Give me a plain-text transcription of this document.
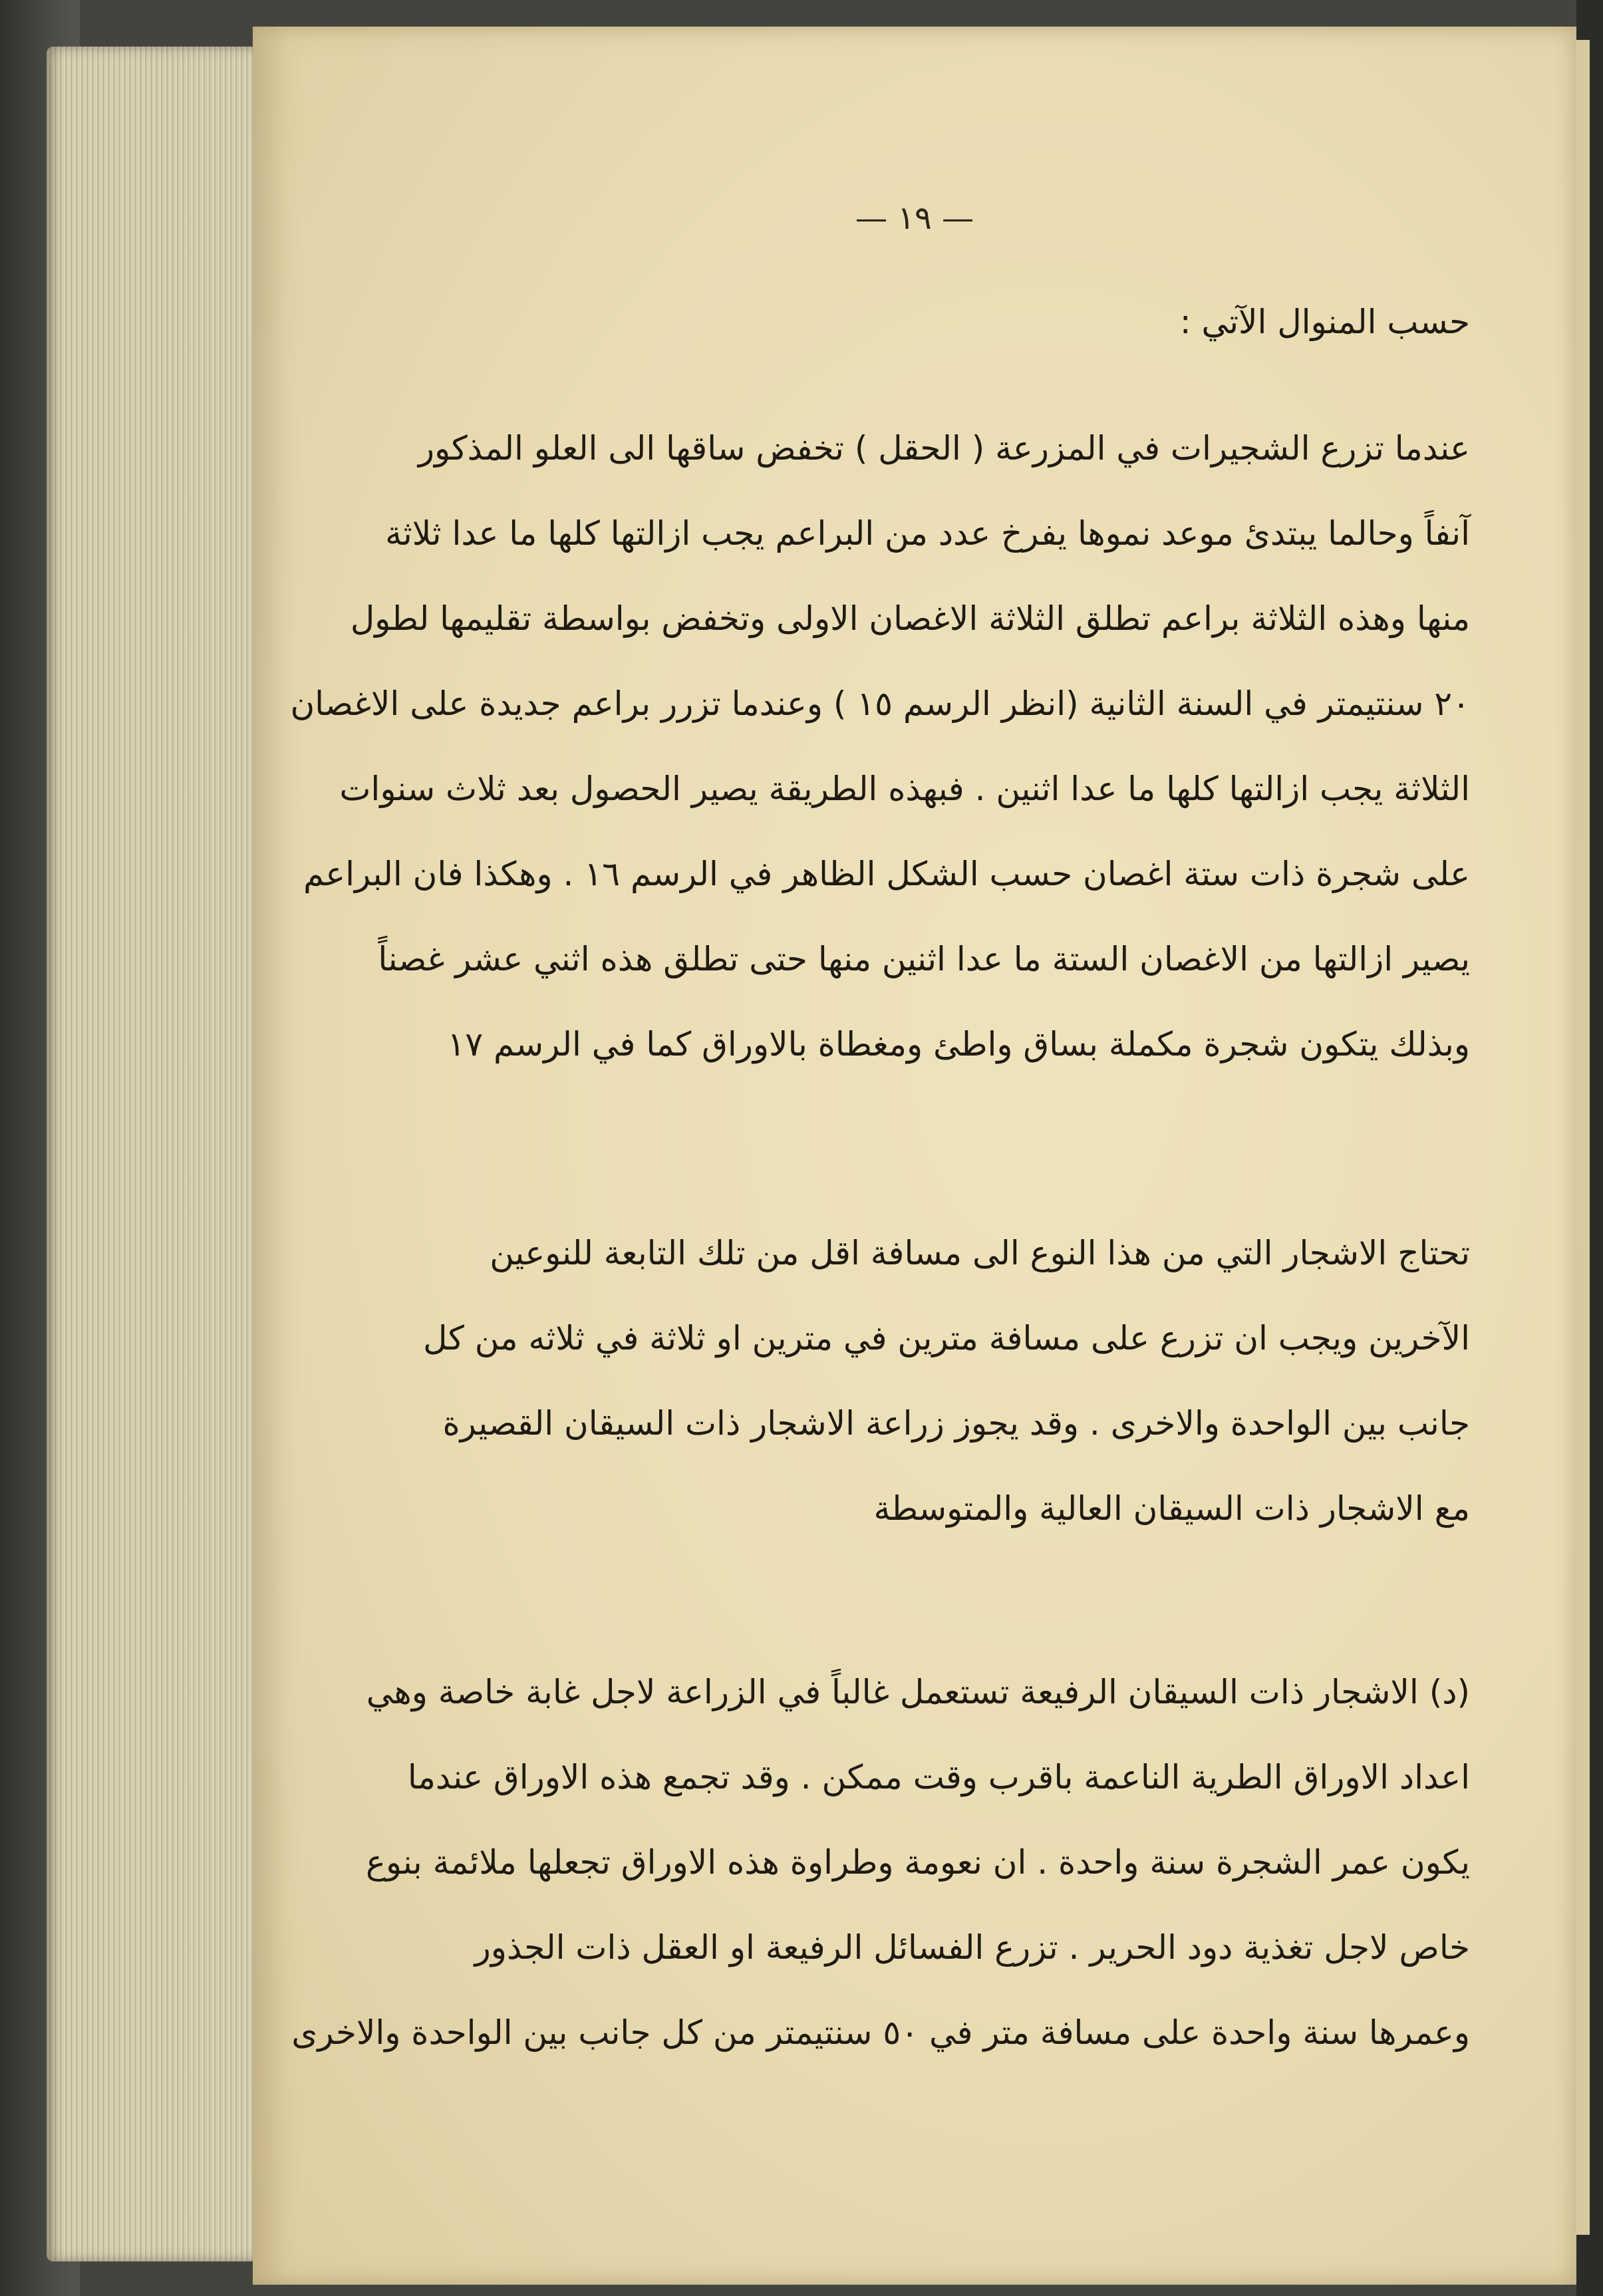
— ١٩ —
حسب المنوال الآتي :
عندما تزرع الشجيرات في المزرعة ( الحقل ) تخفض ساقها الى العلو المذكور
آنفاً وحالما يبتدئ موعد نموها يفرخ عدد من البراعم يجب ازالتها كلها ما عدا ثلاثة
منها وهذه الثلاثة براعم تطلق الثلاثة الاغصان الاولى وتخفض بواسطة تقليمها لطول
٢٠ سنتيمتر في السنة الثانية (انظر الرسم ١٥ ) وعندما تزرر براعم جديدة على الاغصان
الثلاثة يجب ازالتها كلها ما عدا اثنين . فبهذه الطريقة يصير الحصول بعد ثلاث سنوات
على شجرة ذات ستة اغصان حسب الشكل الظاهر في الرسم ١٦ . وهكذا فان البراعم
يصير ازالتها من الاغصان الستة ما عدا اثنين منها حتى تطلق هذه اثني عشر غصناً
وبذلك يتكون شجرة مكملة بساق واطئ ومغطاة بالاوراق كما في الرسم ١٧
تحتاج الاشجار التي من هذا النوع الى مسافة اقل من تلك التابعة للنوعين
الآخرين ويجب ان تزرع على مسافة مترين في مترين او ثلاثة في ثلاثه من كل
جانب بين الواحدة والاخرى . وقد يجوز زراعة الاشجار ذات السيقان القصيرة
مع الاشجار ذات السيقان العالية والمتوسطة
(د) الاشجار ذات السيقان الرفيعة تستعمل غالباً في الزراعة لاجل غابة خاصة وهي
اعداد الاوراق الطرية الناعمة باقرب وقت ممكن . وقد تجمع هذه الاوراق عندما
يكون عمر الشجرة سنة واحدة . ان نعومة وطراوة هذه الاوراق تجعلها ملائمة بنوع
خاص لاجل تغذية دود الحرير . تزرع الفسائل الرفيعة او العقل ذات الجذور
وعمرها سنة واحدة على مسافة متر في ٥٠ سنتيمتر من كل جانب بين الواحدة والاخرى
